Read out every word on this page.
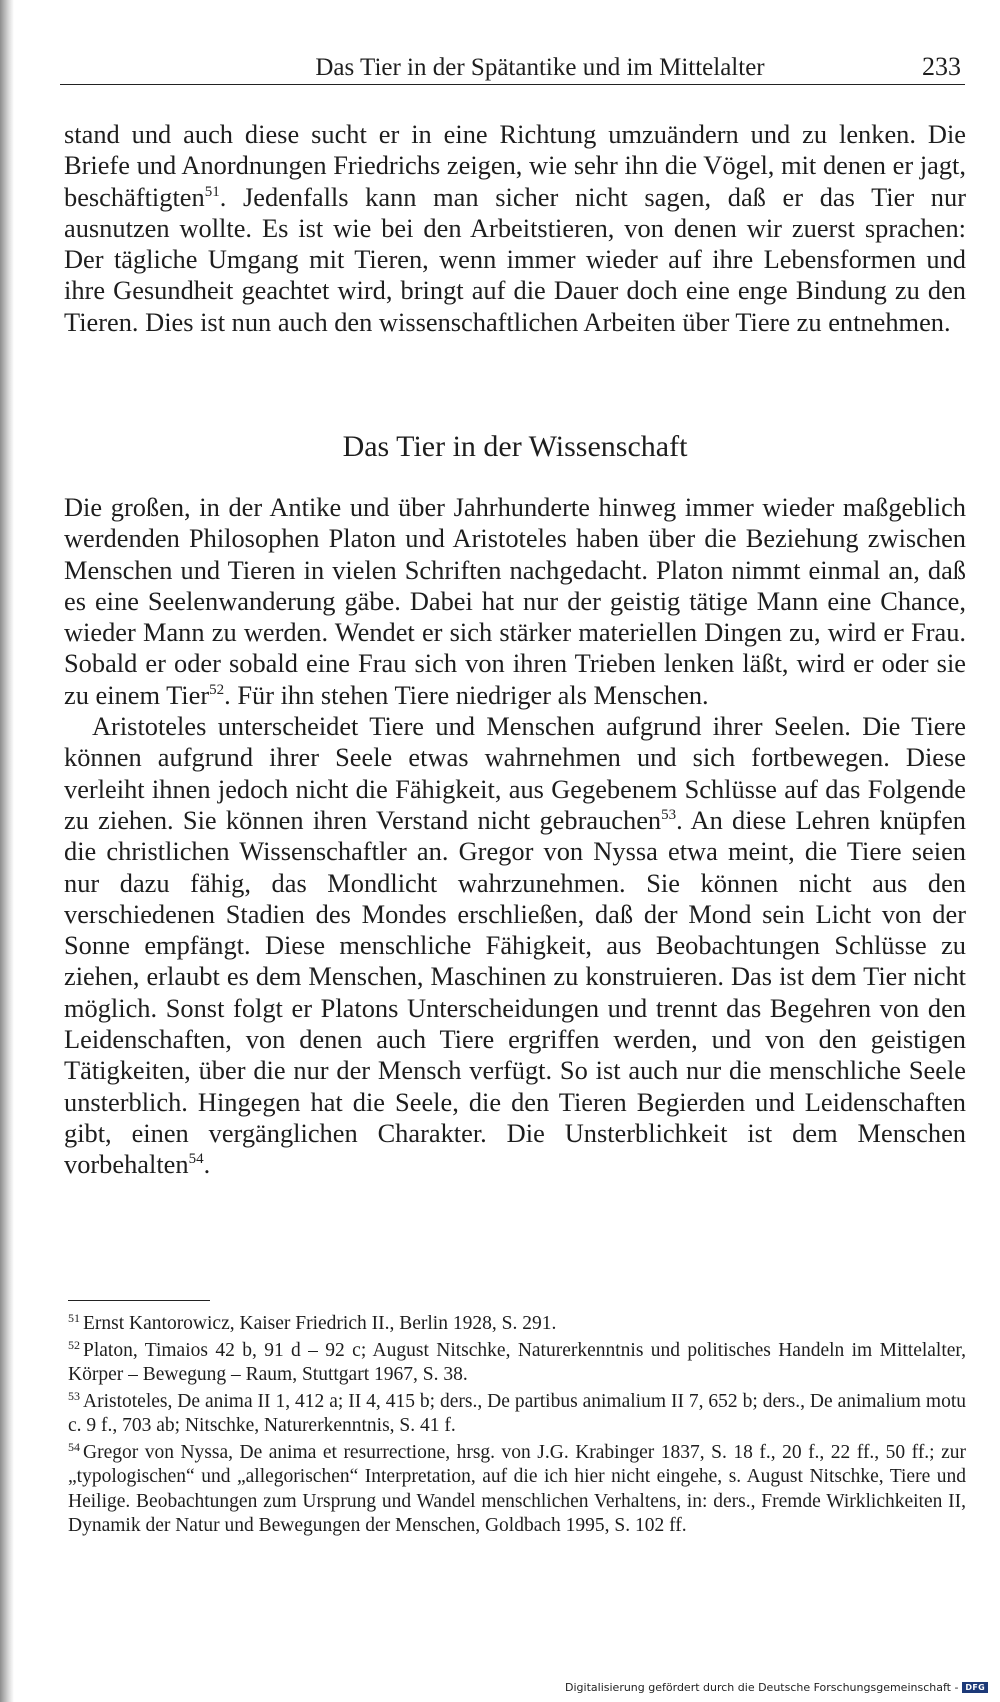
Das Tier in der Spätantike und im Mittelalter	233

stand und auch diese sucht er in eine Richtung umzuändern und zu lenken. Die Briefe und Anordnungen Friedrichs zeigen, wie sehr ihn die Vögel, mit denen er jagt, beschäftigten$^{51}$. Jedenfalls kann man sicher nicht sagen, daß er das Tier nur ausnutzen wollte. Es ist wie bei den Arbeitstieren, von denen wir zuerst sprachen: Der tägliche Umgang mit Tieren, wenn immer wieder auf ihre Lebensformen und ihre Gesundheit geachtet wird, bringt auf die Dauer doch eine enge Bindung zu den Tieren. Dies ist nun auch den wissenschaftlichen Arbeiten über Tiere zu entnehmen.

Das Tier in der Wissenschaft

Die großen, in der Antike und über Jahrhunderte hinweg immer wieder maßgeblich werdenden Philosophen Platon und Aristoteles haben über die Beziehung zwischen Menschen und Tieren in vielen Schriften nachgedacht. Platon nimmt einmal an, daß es eine Seelenwanderung gäbe. Dabei hat nur der geistig tätige Mann eine Chance, wieder Mann zu werden. Wendet er sich stärker materiellen Dingen zu, wird er Frau. Sobald er oder sobald eine Frau sich von ihren Trieben lenken läßt, wird er oder sie zu einem Tier$^{52}$. Für ihn stehen Tiere niedriger als Menschen.

Aristoteles unterscheidet Tiere und Menschen aufgrund ihrer Seelen. Die Tiere können aufgrund ihrer Seele etwas wahrnehmen und sich fortbewegen. Diese verleiht ihnen jedoch nicht die Fähigkeit, aus Gegebenem Schlüsse auf das Folgende zu ziehen. Sie können ihren Verstand nicht gebrauchen$^{53}$. An diese Lehren knüpfen die christlichen Wissenschaftler an. Gregor von Nyssa etwa meint, die Tiere seien nur dazu fähig, das Mondlicht wahrzunehmen. Sie können nicht aus den verschiedenen Stadien des Mondes erschließen, daß der Mond sein Licht von der Sonne empfängt. Diese menschliche Fähigkeit, aus Beobachtungen Schlüsse zu ziehen, erlaubt es dem Menschen, Maschinen zu konstruieren. Das ist dem Tier nicht möglich. Sonst folgt er Platons Unterscheidungen und trennt das Begehren von den Leidenschaften, von denen auch Tiere ergriffen werden, und von den geistigen Tätigkeiten, über die nur der Mensch verfügt. So ist auch nur die menschliche Seele unsterblich. Hingegen hat die Seele, die den Tieren Begierden und Leidenschaften gibt, einen vergänglichen Charakter. Die Unsterblichkeit ist dem Menschen vorbehalten$^{54}$.

$^{51}$ Ernst Kantorowicz, Kaiser Friedrich II., Berlin 1928, S. 291.

$^{52}$ Platon, Timaios 42 b, 91 d – 92 c; August Nitschke, Naturerkenntnis und politisches Handeln im Mittelalter, Körper – Bewegung – Raum, Stuttgart 1967, S. 38.

$^{53}$ Aristoteles, De anima II 1, 412 a; II 4, 415 b; ders., De partibus animalium II 7, 652 b; ders., De animalium motu c. 9 f., 703 ab; Nitschke, Naturerkenntnis, S. 41 f.

$^{54}$ Gregor von Nyssa, De anima et resurrectione, hrsg. von J.G. Krabinger 1837, S. 18 f., 20 f., 22 ff., 50 ff.; zur „typologischen“ und „allegorischen“ Interpretation, auf die ich hier nicht eingehe, s. August Nitschke, Tiere und Heilige. Beobachtungen zum Ursprung und Wandel menschlichen Verhaltens, in: ders., Fremde Wirklichkeiten II, Dynamik der Natur und Bewegungen der Menschen, Goldbach 1995, S. 102 ff.

Digitalisierung gefördert durch die Deutsche Forschungsgemeinschaft - DFG
